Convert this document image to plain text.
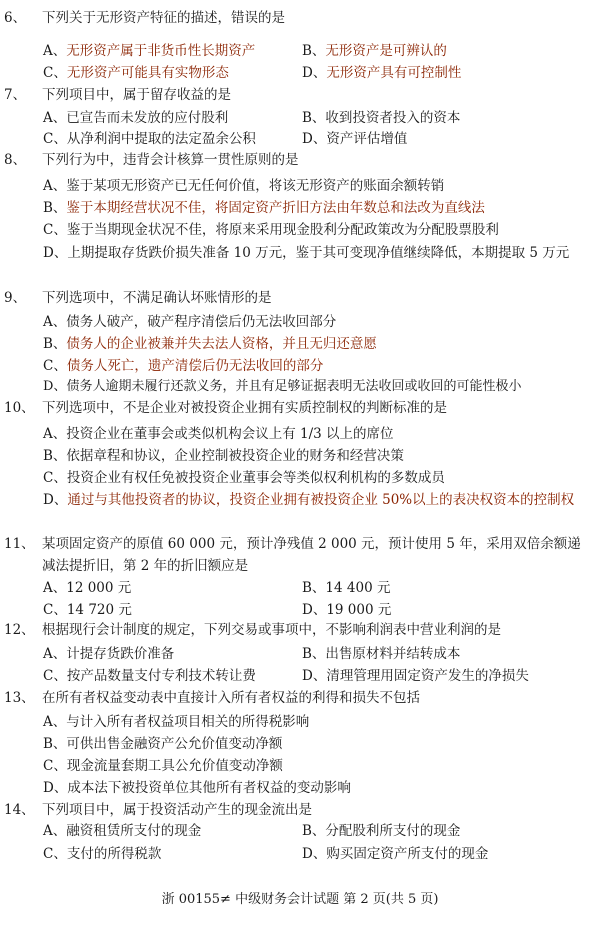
6、	下列关于无形资产特征的描述，错误的是
A、无形资产属于非货币性长期资产	B、无形资产是可辨认的
C、无形资产可能具有实物形态	D、无形资产具有可控制性
7、	下列项目中，属于留存收益的是
A、已宣告而未发放的应付股利	B、收到投资者投入的资本
C、从净利润中提取的法定盈余公积	D、资产评估增值
8、	下列行为中，违背会计核算一贯性原则的是
A、鉴于某项无形资产已无任何价值，将该无形资产的账面余额转销
B、鉴于本期经营状况不佳，将固定资产折旧方法由年数总和法改为直线法
C、鉴于当期现金状况不佳，将原来采用现金股利分配政策改为分配股票股利
D、上期提取存货跌价损失准备 10 万元，鉴于其可变现净值继续降低，本期提取 5 万元
9、	下列选项中，不满足确认坏账情形的是
A、债务人破产，破产程序清偿后仍无法收回部分
B、债务人的企业被兼并失去法人资格，并且无归还意愿
C、债务人死亡，遗产清偿后仍无法收回的部分
D、债务人逾期未履行还款义务，并且有足够证据表明无法收回或收回的可能性极小
10、 下列选项中，不是企业对被投资企业拥有实质控制权的判断标准的是
A、投资企业在董事会或类似机构会议上有 1/3 以上的席位
B、依据章程和协议，企业控制被投资企业的财务和经营决策
C、投资企业有权任免被投资企业董事会等类似权利机构的多数成员
D、通过与其他投资者的协议，投资企业拥有被投资企业 50%以上的表决权资本的控制权
11、 某项固定资产的原值 60 000 元，预计净残值 2 000 元，预计使用 5 年，采用双倍余额递减法提折旧，第 2 年的折旧额应是
A、12 000 元	B、14 400 元
C、14 720 元	D、19 000 元
12、 根据现行会计制度的规定，下列交易或事项中，不影响利润表中营业利润的是
A、计提存货跌价准备	B、出售原材料并结转成本
C、按产品数量支付专利技术转让费	D、清理管理用固定资产发生的净损失
13、 在所有者权益变动表中直接计入所有者权益的利得和损失不包括
A、与计入所有者权益项目相关的所得税影响
B、可供出售金融资产公允价值变动净额
C、现金流量套期工具公允价值变动净额
D、成本法下被投资单位其他所有者权益的变动影响
14、 下列项目中，属于投资活动产生的现金流出是
A、融资租赁所支付的现金	B、分配股利所支付的现金
C、支付的所得税款	D、购买固定资产所支付的现金
浙 00155≠ 中级财务会计试题 第 2 页(共 5 页)
